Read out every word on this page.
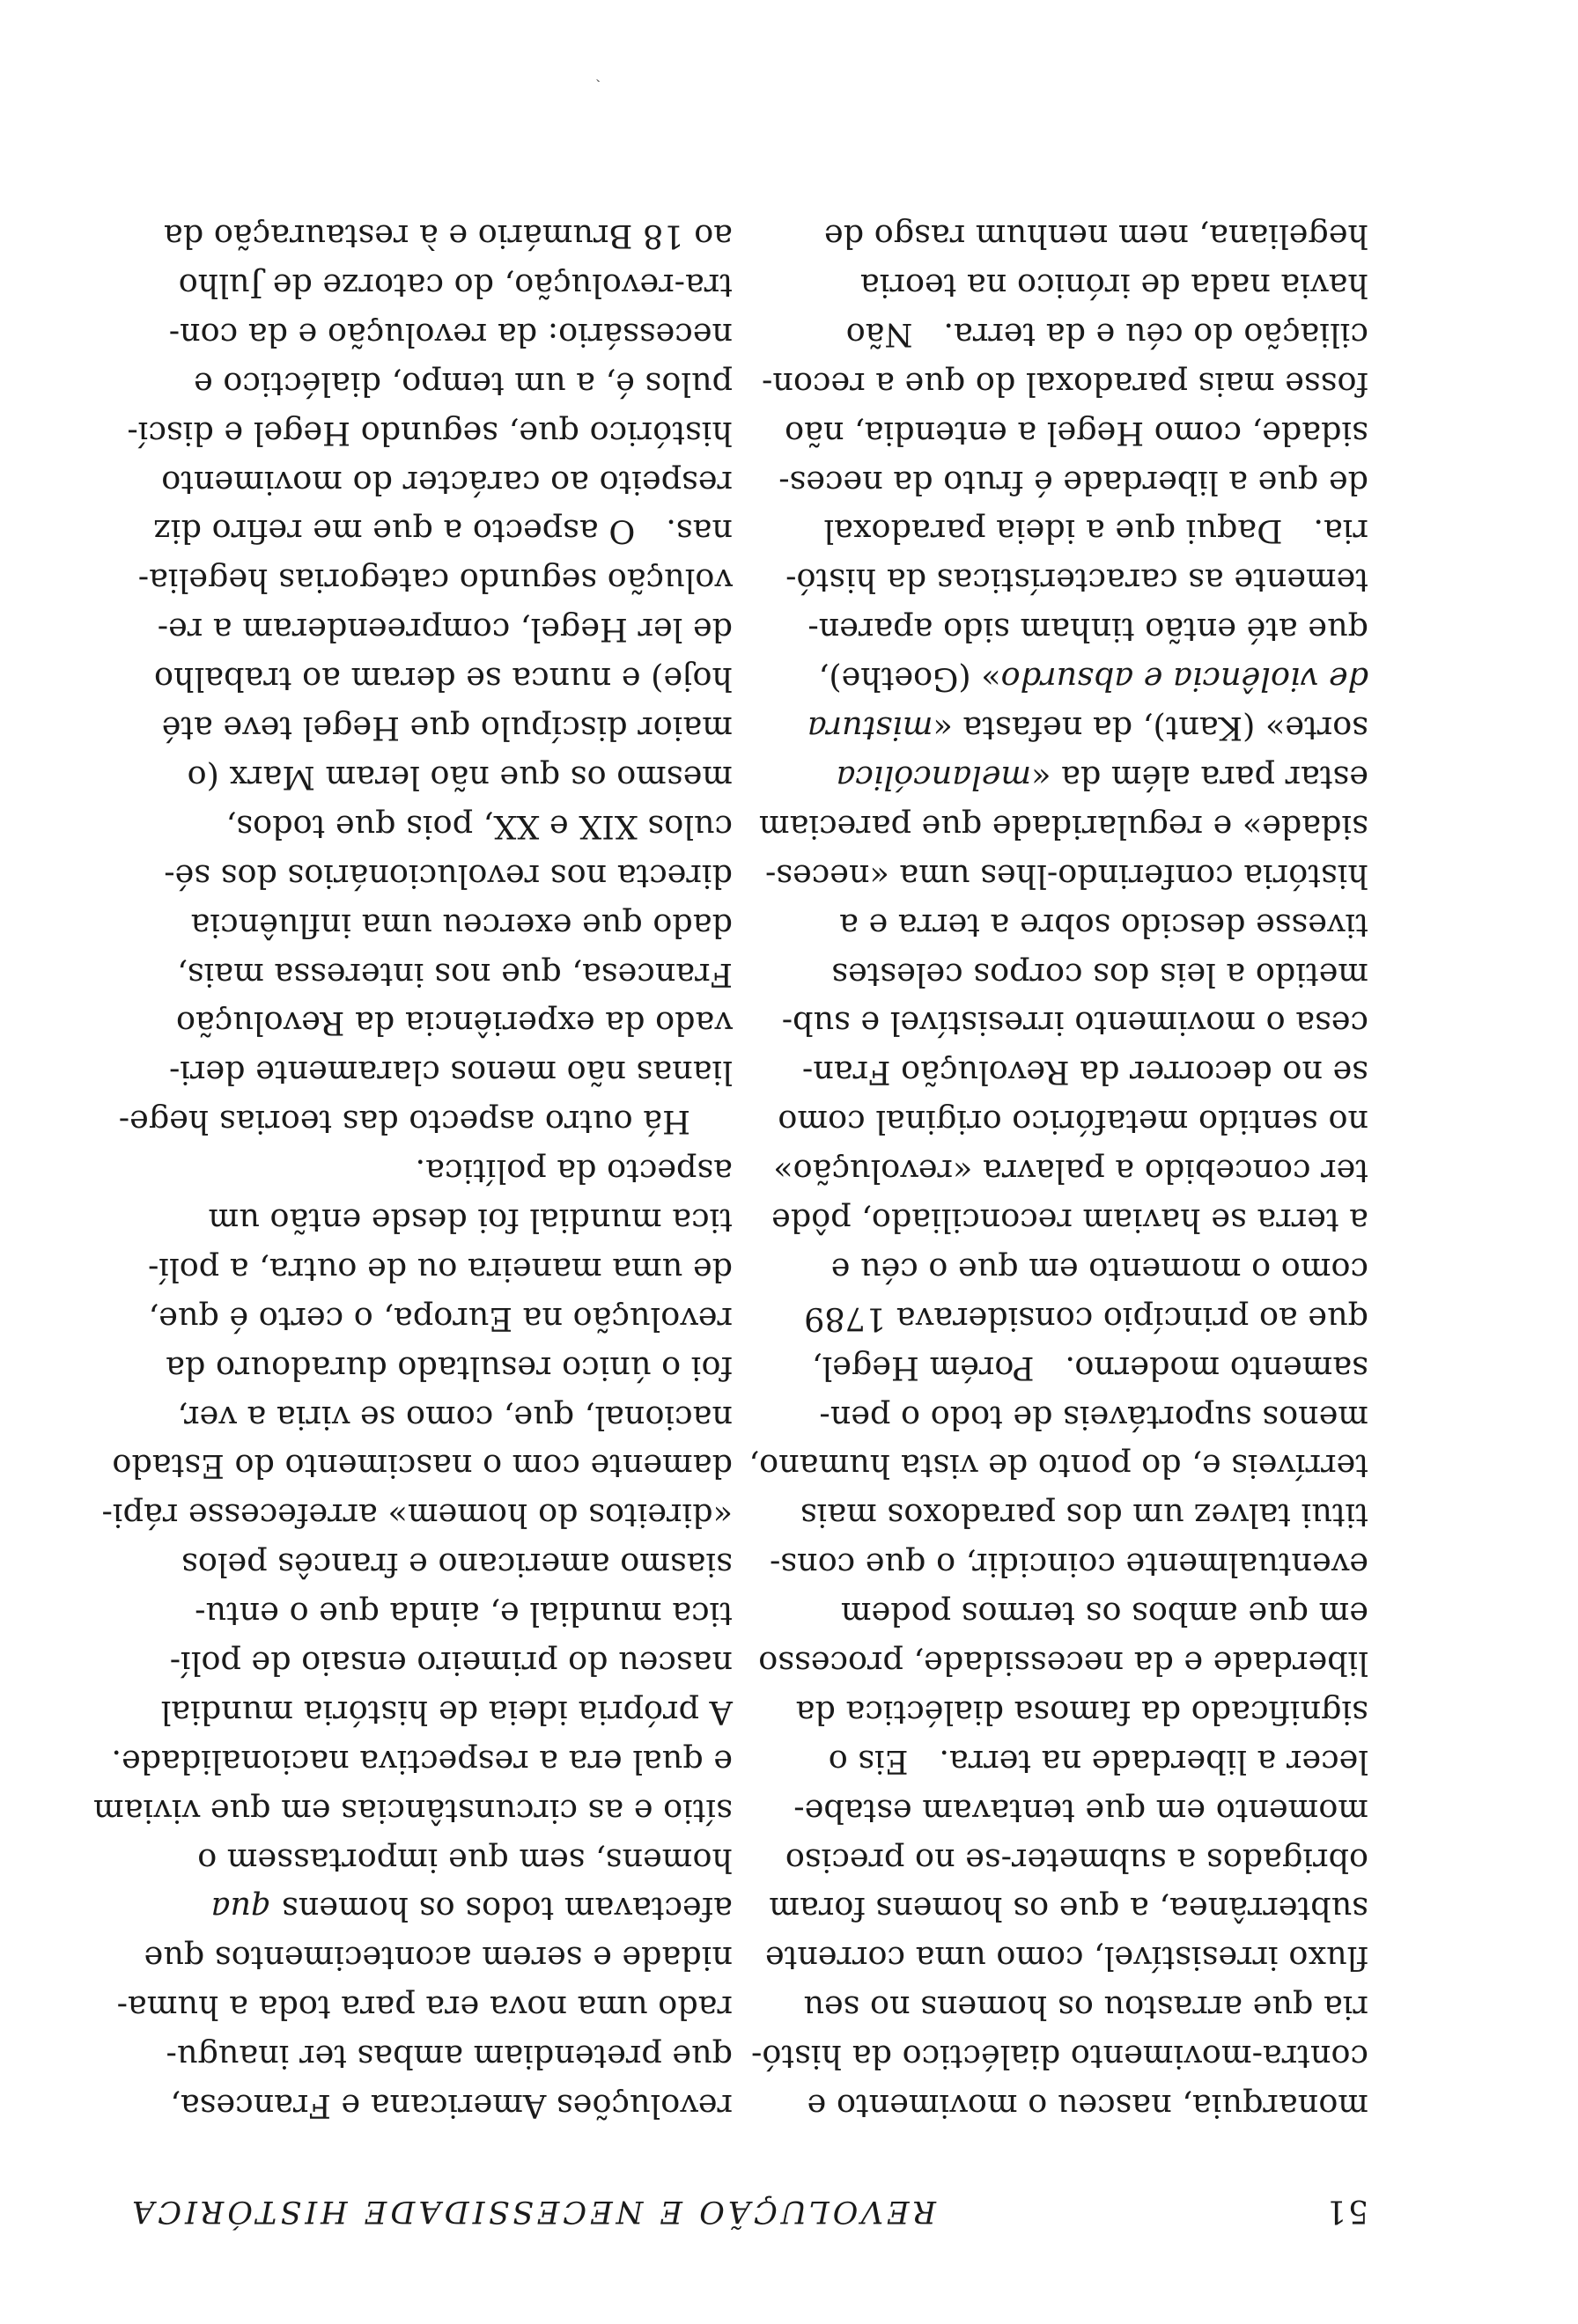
51
REVOLUÇÃO E NECESSIDADE HISTÓRICA
monarquia, nasceu o movimento e
contra-movimento dialéctico da histó-
ria que arrastou os homens no seu
fluxo irresistível, como uma corrente
subterrânea, a que os homens foram
obrigados a submeter-se no preciso
momento em que tentavam estabe-
lecer a liberdade na terra.   Eis o
significado da famosa dialéctica da
liberdade e da necessidade, processo
em que ambos os termos podem
eventualmente coincidir, o que cons-
titui talvez um dos paradoxos mais
terríveis e, do ponto de vista humano,
menos suportáveis de todo o pen-
samento moderno.   Porém Hegel,
que ao princípio considerava 1789
como o momento em que o céu e
a terra se haviam reconciliado, pôde
ter concebido a palavra «revolução»
no sentido metafórico original como
se no decorrer da Revolução Fran-
cesa o movimento irresistível e sub-
metido a leis dos corpos celestes
tivesse descido sobre a terra e a
história conferindo-lhes uma «neces-
sidade» e regularidade que pareciam
estar para além da «melancólica
sorte» (Kant), da nefasta «mistura
de violência e absurdo» (Goethe),
que até então tinham sido aparen-
temente as características da histó-
ria.   Daqui que a ideia paradoxal
de que a liberdade é fruto da neces-
sidade, como Hegel a entendia, não
fosse mais paradoxal do que a recon-
ciliação do céu e da terra.   Não
havia nada de irónico na teoria
hegeliana, nem nenhum rasgo de
revoluções Americana e Francesa,
que pretendiam ambas ter inaugu-
rado uma nova era para toda a huma-
nidade e serem acontecimentos que
afectavam todos os homens qua
homens, sem que importassem o
sítio e as circunstâncias em que viviam
e qual era a respectiva nacionalidade.
A própria ideia de história mundial
nasceu do primeiro ensaio de polí-
tica mundial e, ainda que o entu-
siasmo americano e francês pelos
«direitos do homem» arrefecesse rápi-
damente com o nascimento do Estado
nacional, que, como se viria a ver,
foi o único resultado duradouro da
revolução na Europa, o certo é que,
de uma maneira ou de outra, a polí-
tica mundial foi desde então um
aspecto da política.
Há outro aspecto das teorias hege-
lianas não menos claramente deri-
vado da experiência da Revolução
Francesa, que nos interessa mais,
dado que exerceu uma influência
directa nos revolucionários dos sé-
culos XIX e XX, pois que todos,
mesmo os que não leram Marx (o
maior discípulo que Hegel teve até
hoje) e nunca se deram ao trabalho
de ler Hegel, compreenderam a re-
volução segundo categorias hegelia-
nas.   O aspecto a que me refiro diz
respeito ao carácter do movimento
histórico que, segundo Hegel e discí-
pulos é, a um tempo, dialéctico e
necessário: da revolução e da con-
tra-revolução, do catorze de Julho
ao 18 Brumário e à restauração da
ˏ
